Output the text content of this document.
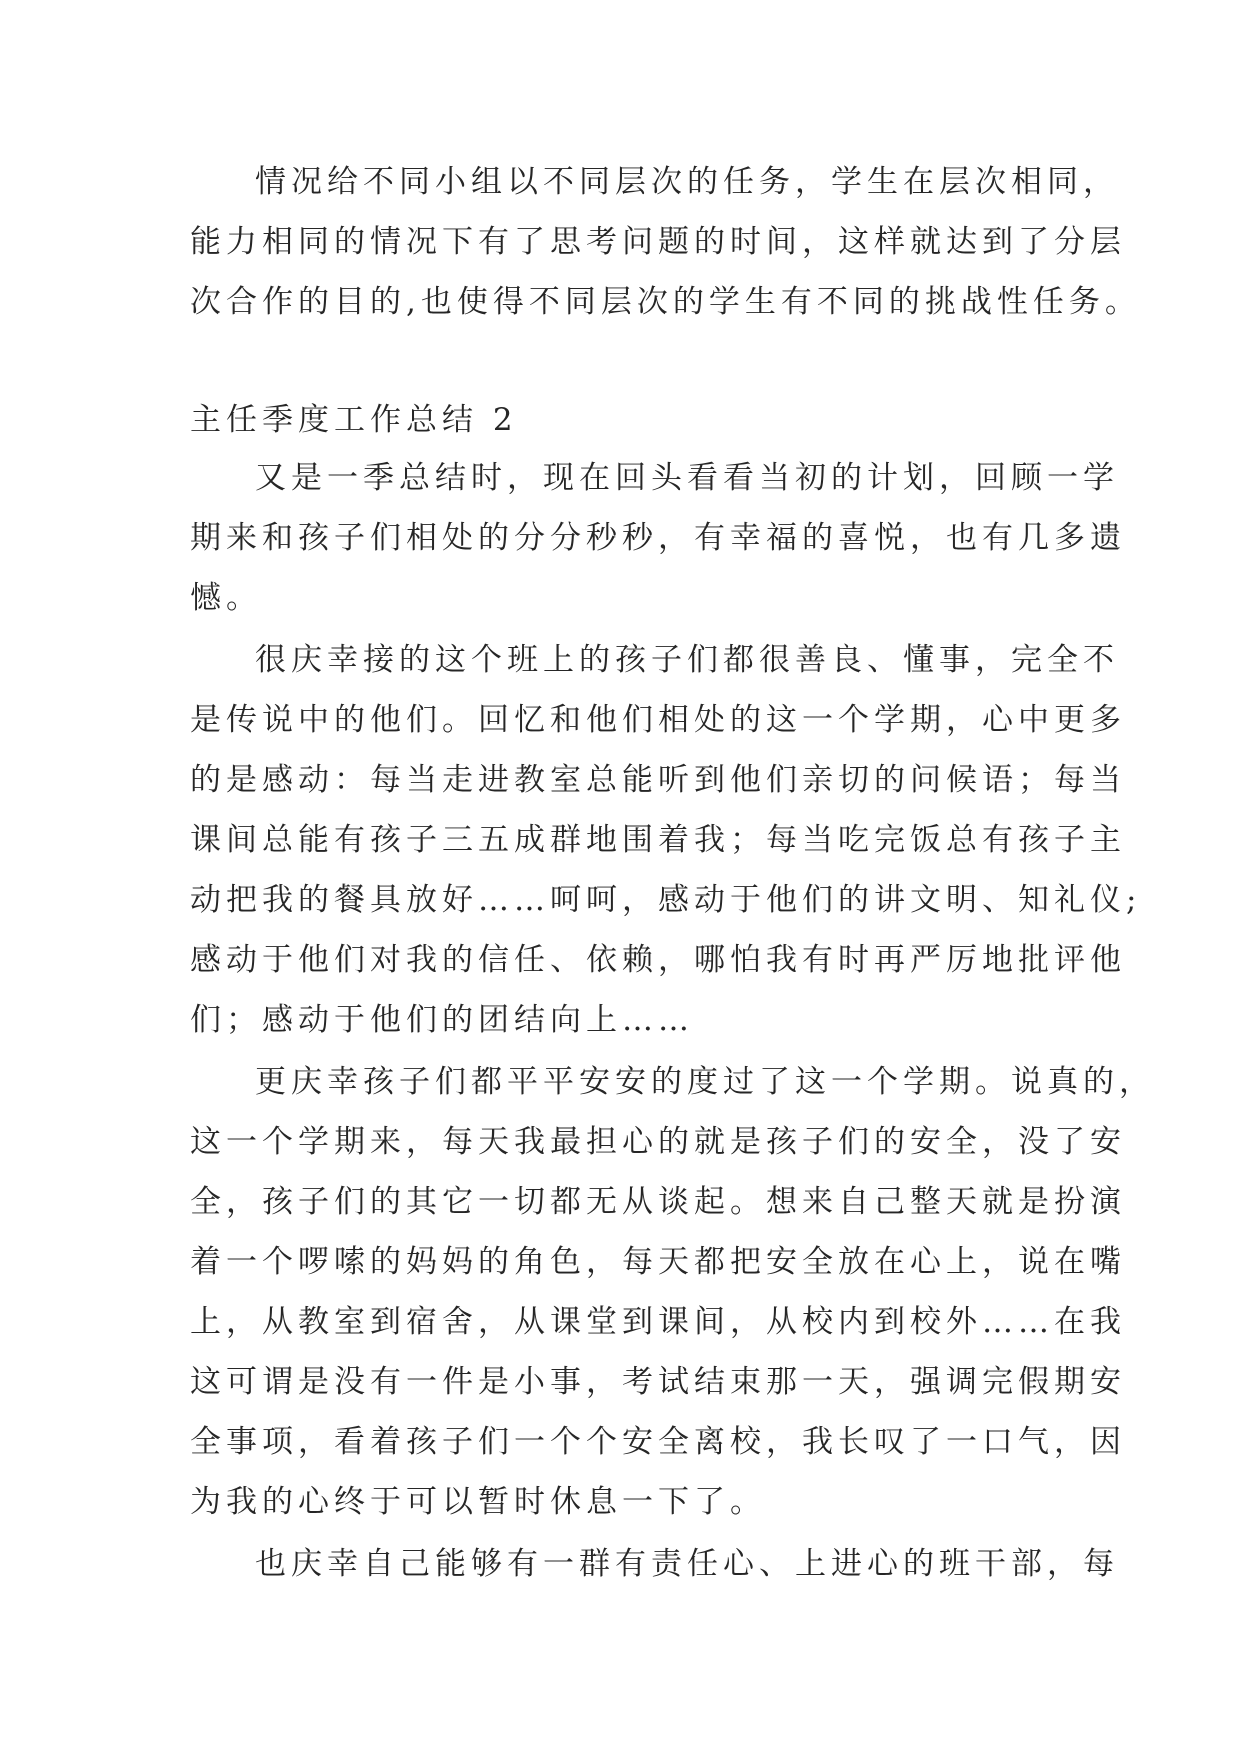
情况给不同小组以不同层次的任务，学生在层次相同，
能力相同的情况下有了思考问题的时间，这样就达到了分层
次合作的目的,也使得不同层次的学生有不同的挑战性任务。
主任季度工作总结 2
又是一季总结时，现在回头看看当初的计划，回顾一学
期来和孩子们相处的分分秒秒，有幸福的喜悦，也有几多遗
憾。
很庆幸接的这个班上的孩子们都很善良、懂事，完全不
是传说中的他们。回忆和他们相处的这一个学期，心中更多
的是感动：每当走进教室总能听到他们亲切的问候语；每当
课间总能有孩子三五成群地围着我；每当吃完饭总有孩子主
动把我的餐具放好……呵呵，感动于他们的讲文明、知礼仪;
感动于他们对我的信任、依赖，哪怕我有时再严厉地批评他
们；感动于他们的团结向上……
更庆幸孩子们都平平安安的度过了这一个学期。说真的，
这一个学期来，每天我最担心的就是孩子们的安全，没了安
全，孩子们的其它一切都无从谈起。想来自己整天就是扮演
着一个啰嗦的妈妈的角色，每天都把安全放在心上，说在嘴
上，从教室到宿舍，从课堂到课间，从校内到校外……在我
这可谓是没有一件是小事，考试结束那一天，强调完假期安
全事项，看着孩子们一个个安全离校，我长叹了一口气，因
为我的心终于可以暂时休息一下了。
也庆幸自己能够有一群有责任心、上进心的班干部，每
